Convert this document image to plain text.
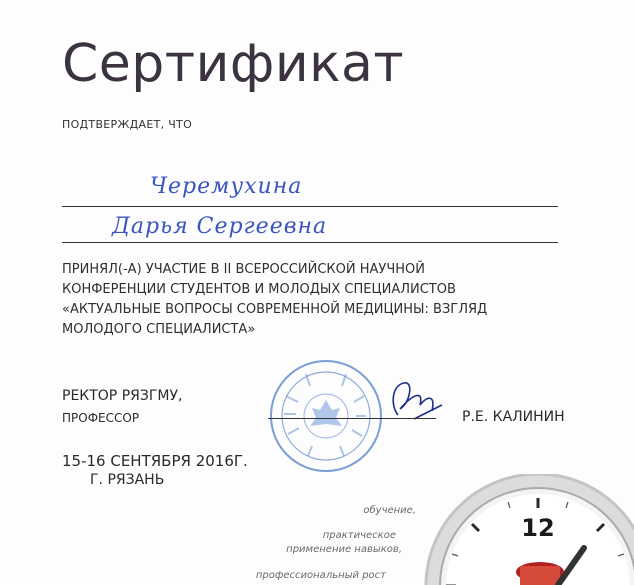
Сертификат
ПОДТВЕРЖДАЕТ, ЧТО
Черемухина
Дарья Сергеевна
ПРИНЯЛ(-А) УЧАСТИЕ В II ВСЕРОССИЙСКОЙ НАУЧНОЙ КОНФЕРЕНЦИИ СТУДЕНТОВ И МОЛОДЫХ СПЕЦИАЛИСТОВ «АКТУАЛЬНЫЕ ВОПРОСЫ СОВРЕМЕННОЙ МЕДИЦИНЫ: ВЗГЛЯД МОЛОДОГО СПЕЦИАЛИСТА»
РЕКТОР РЯЗГМУ,
ПРОФЕССОР	Р.Е. КАЛИНИН
15-16 СЕНТЯБРЯ 2016Г.
Г. РЯЗАНЬ
обучение,
практическое
применение навыков,
профессиональный рост
12
